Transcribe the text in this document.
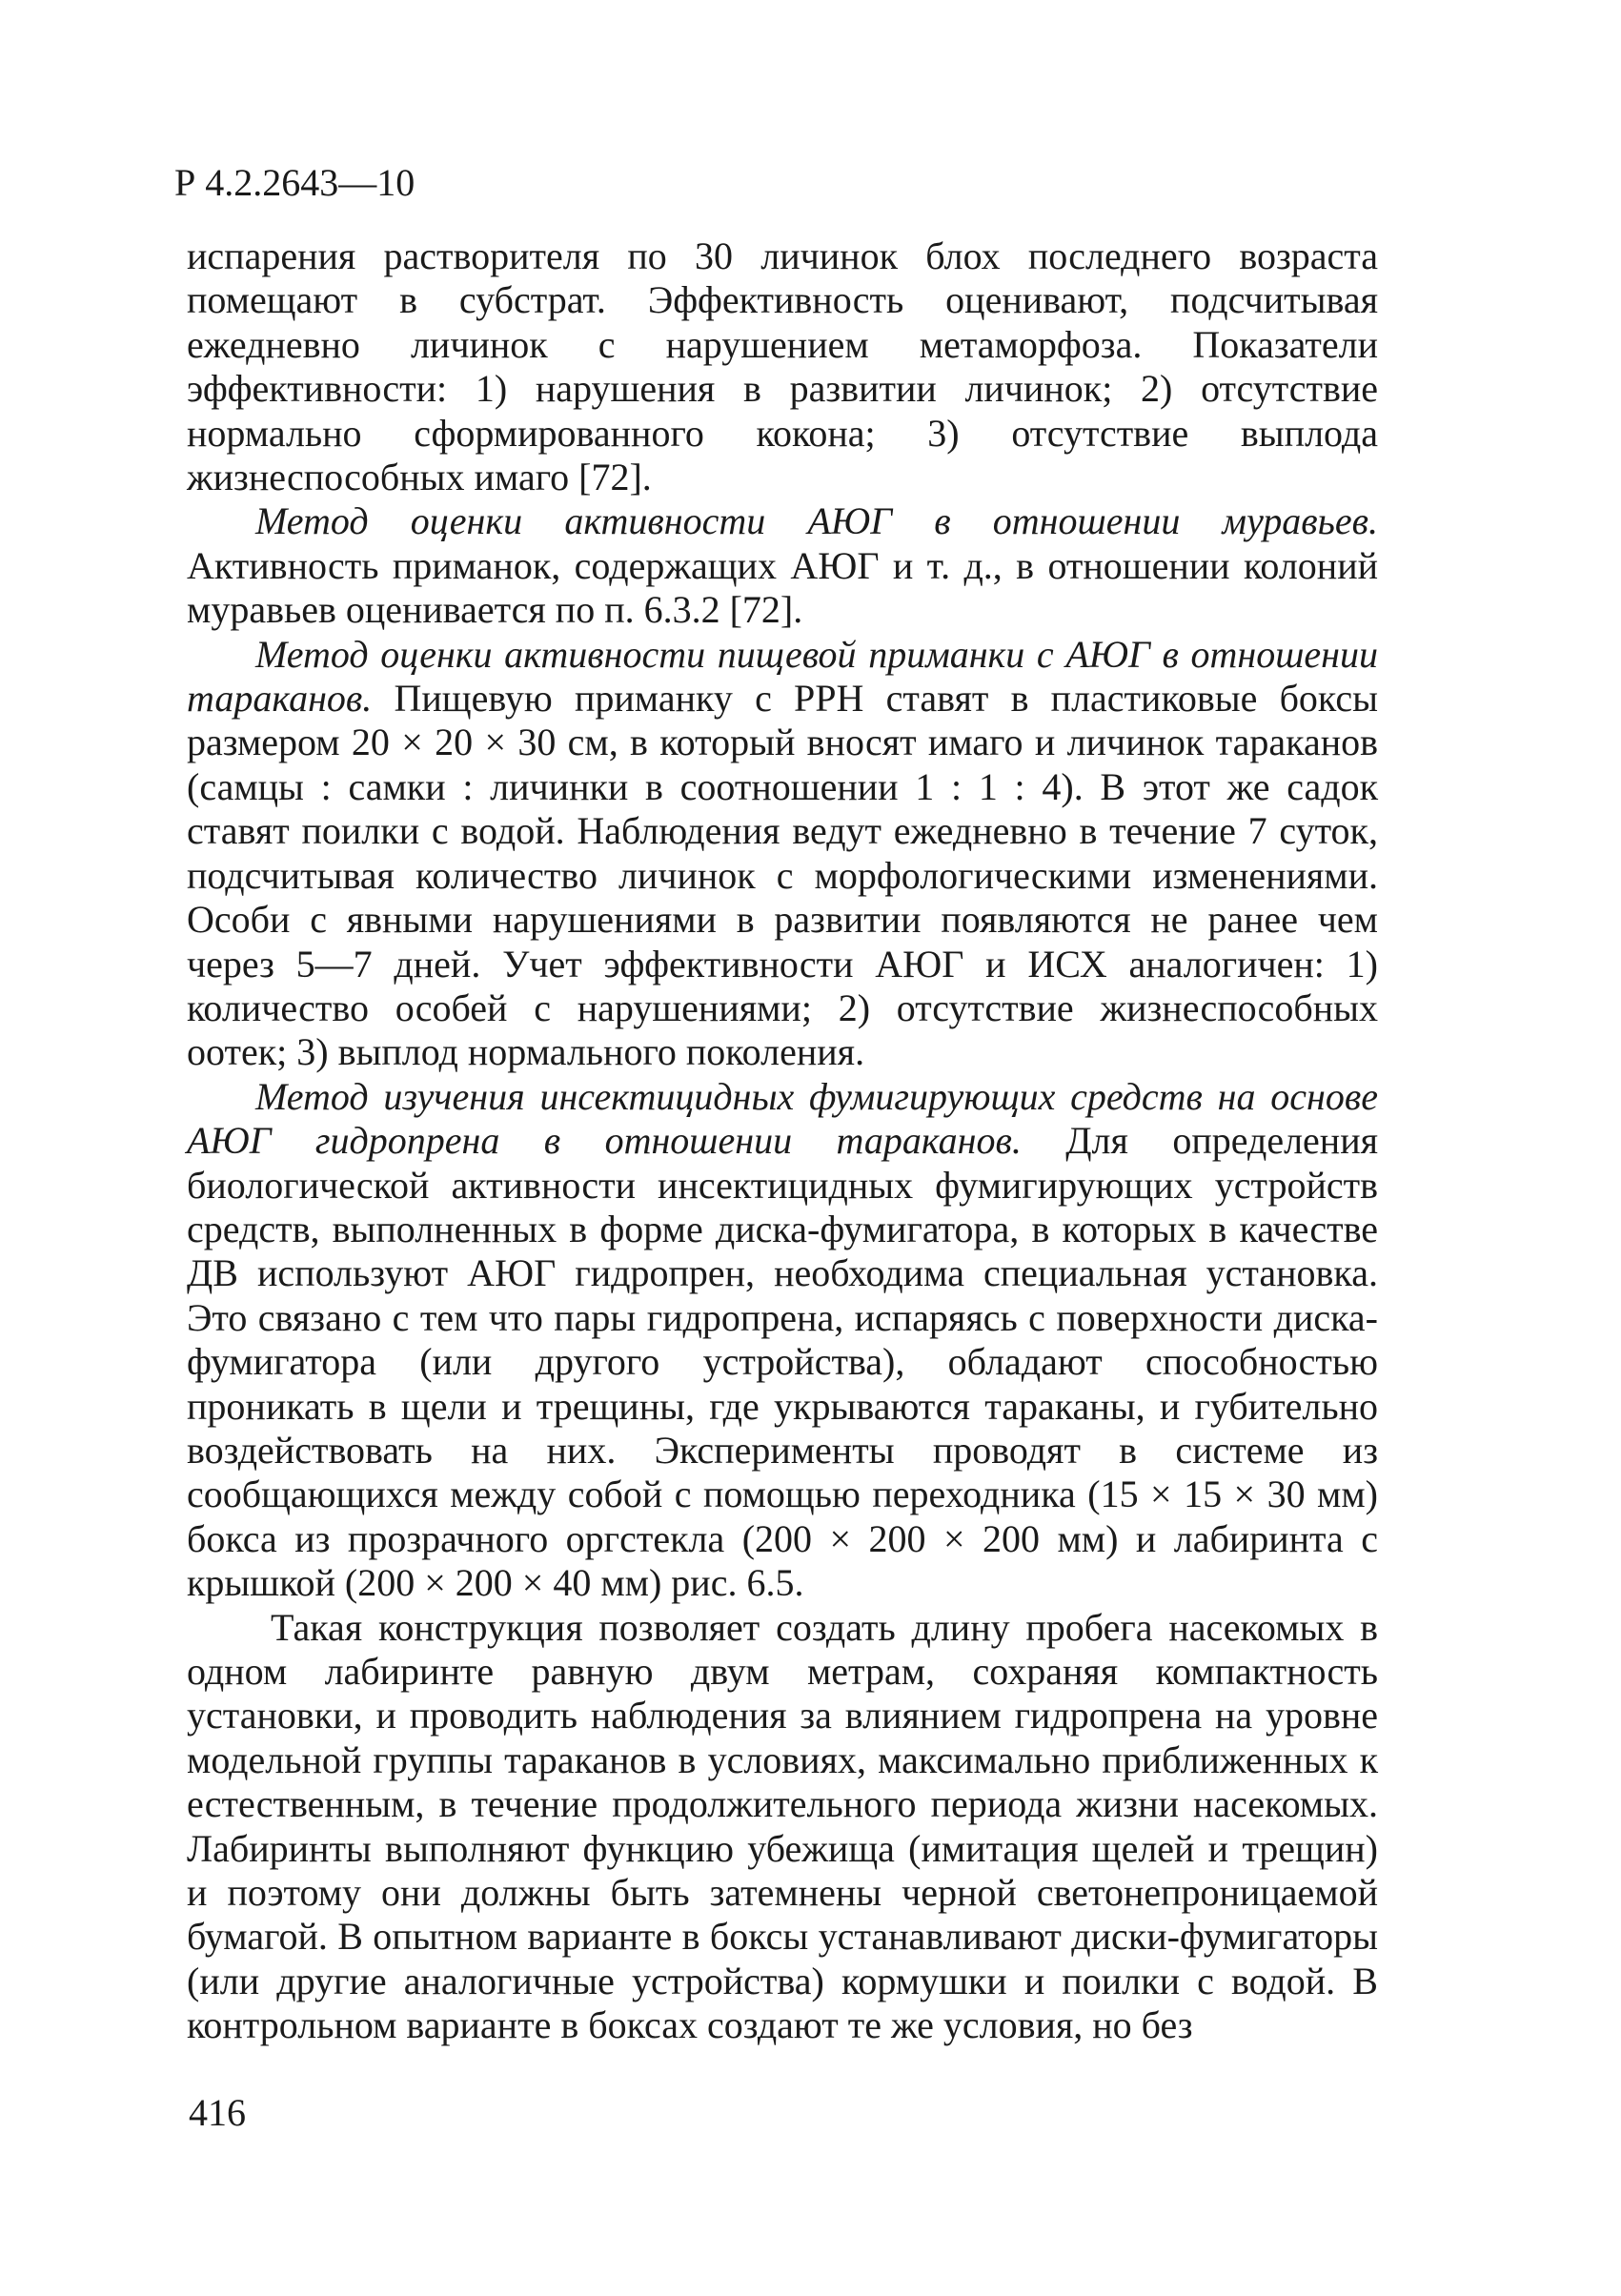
Р 4.2.2643—10

испарения растворителя по 30 личинок блох последнего возраста помещают в субстрат. Эффективность оценивают, подсчитывая ежедневно личинок с нарушением метаморфоза. Показатели эффективности: 1) нарушения в развитии личинок; 2) отсутствие нормально сформированного кокона; 3) отсутствие выплода жизнеспособных имаго [72].

Метод оценки активности АЮГ в отношении муравьев. Активность приманок, содержащих АЮГ и т. д., в отношении колоний муравьев оценивается по п. 6.3.2 [72].

Метод оценки активности пищевой приманки с АЮГ в отношении тараканов. Пищевую приманку с РРН ставят в пластиковые боксы размером 20 × 20 × 30 см, в который вносят имаго и личинок тараканов (самцы : самки : личинки в соотношении 1 : 1 : 4). В этот же садок ставят поилки с водой. Наблюдения ведут ежедневно в течение 7 суток, подсчитывая количество личинок с морфологическими изменениями. Особи с явными нарушениями в развитии появляются не ранее чем через 5—7 дней. Учет эффективности АЮГ и ИСХ аналогичен: 1) количество особей с нарушениями; 2) отсутствие жизнеспособных оотек; 3) выплод нормального поколения.

Метод изучения инсектицидных фумигирующих средств на основе АЮГ гидропрена в отношении тараканов. Для определения биологической активности инсектицидных фумигирующих устройств средств, выполненных в форме диска-фумигатора, в которых в качестве ДВ используют АЮГ гидропрен, необходима специальная установка. Это связано с тем что пары гидропрена, испаряясь с поверхности диска-фумигатора (или другого устройства), обладают способностью проникать в щели и трещины, где укрываются тараканы, и губительно воздействовать на них. Эксперименты проводят в системе из сообщающихся между собой с помощью переходника (15 × 15 × 30 мм) бокса из прозрачного оргстекла (200 × 200 × 200 мм) и лабиринта с крышкой (200 × 200 × 40 мм) рис. 6.5.

Такая конструкция позволяет создать длину пробега насекомых в одном лабиринте равную двум метрам, сохраняя компактность установки, и проводить наблюдения за влиянием гидропрена на уровне модельной группы тараканов в условиях, максимально приближенных к естественным, в течение продолжительного периода жизни насекомых. Лабиринты выполняют функцию убежища (имитация щелей и трещин) и поэтому они должны быть затемнены черной светонепроницаемой бумагой. В опытном варианте в боксы устанавливают диски-фумигаторы (или другие аналогичные устройства) кормушки и поилки с водой. В контрольном варианте в боксах создают те же условия, но без

416
